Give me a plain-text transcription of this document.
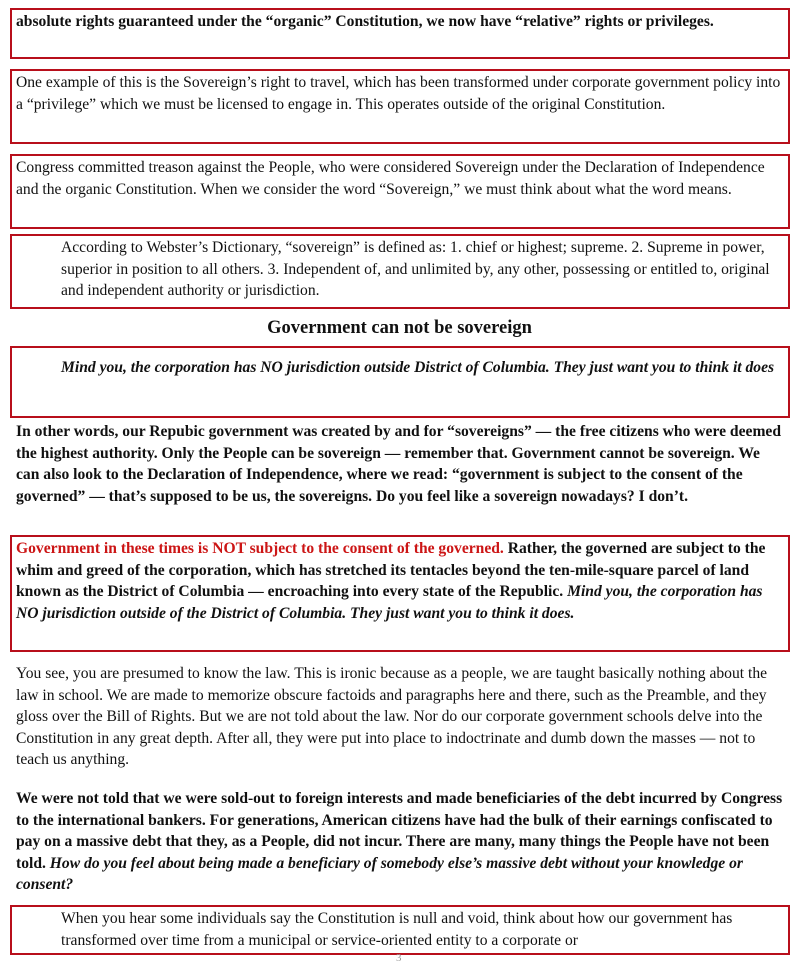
absolute rights guaranteed under the “organic” Constitution, we now have “relative” rights or privileges.
One example of this is the Sovereign’s right to travel, which has been transformed under corporate government policy into a “privilege” which we must be licensed to engage in. This operates outside of the original Constitution.
Congress committed treason against the People, who were considered Sovereign under the Declaration of Independence and the organic Constitution. When we consider the word “Sovereign,” we must think about what the word means.
According to Webster’s Dictionary, “sovereign” is defined as: 1. chief or highest; supreme. 2. Supreme in power, superior in position to all others. 3. Independent of, and unlimited by, any other, possessing or entitled to, original and independent authority or jurisdiction.
Government can not be sovereign
Mind you, the corporation has NO jurisdiction outside District of Columbia. They just want you to think it does
In other words, our Repubic government was created by and for “sovereigns” — the free citizens who were deemed the highest authority. Only the People can be sovereign — remember that. Government cannot be sovereign. We can also look to the Declaration of Independence, where we read: “government is subject to the consent of the governed” — that’s supposed to be us, the sovereigns. Do you feel like a sovereign nowadays? I don’t.
Government in these times is NOT subject to the consent of the governed. Rather, the governed are subject to the whim and greed of the corporation, which has stretched its tentacles beyond the ten-mile-square parcel of land known as the District of Columbia — encroaching into every state of the Republic. Mind you, the corporation has NO jurisdiction outside of the District of Columbia. They just want you to think it does.
You see, you are presumed to know the law. This is ironic because as a people, we are taught basically nothing about the law in school. We are made to memorize obscure factoids and paragraphs here and there, such as the Preamble, and they gloss over the Bill of Rights. But we are not told about the law. Nor do our corporate government schools delve into the Constitution in any great depth. After all, they were put into place to indoctrinate and dumb down the masses — not to teach us anything.
We were not told that we were sold-out to foreign interests and made beneficiaries of the debt incurred by Congress to the international bankers. For generations, American citizens have had the bulk of their earnings confiscated to pay on a massive debt that they, as a People, did not incur. There are many, many things the People have not been told. How do you feel about being made a beneficiary of somebody else’s massive debt without your knowledge or consent?
When you hear some individuals say the Constitution is null and void, think about how our government has transformed over time from a municipal or service-oriented entity to a corporate or
3
